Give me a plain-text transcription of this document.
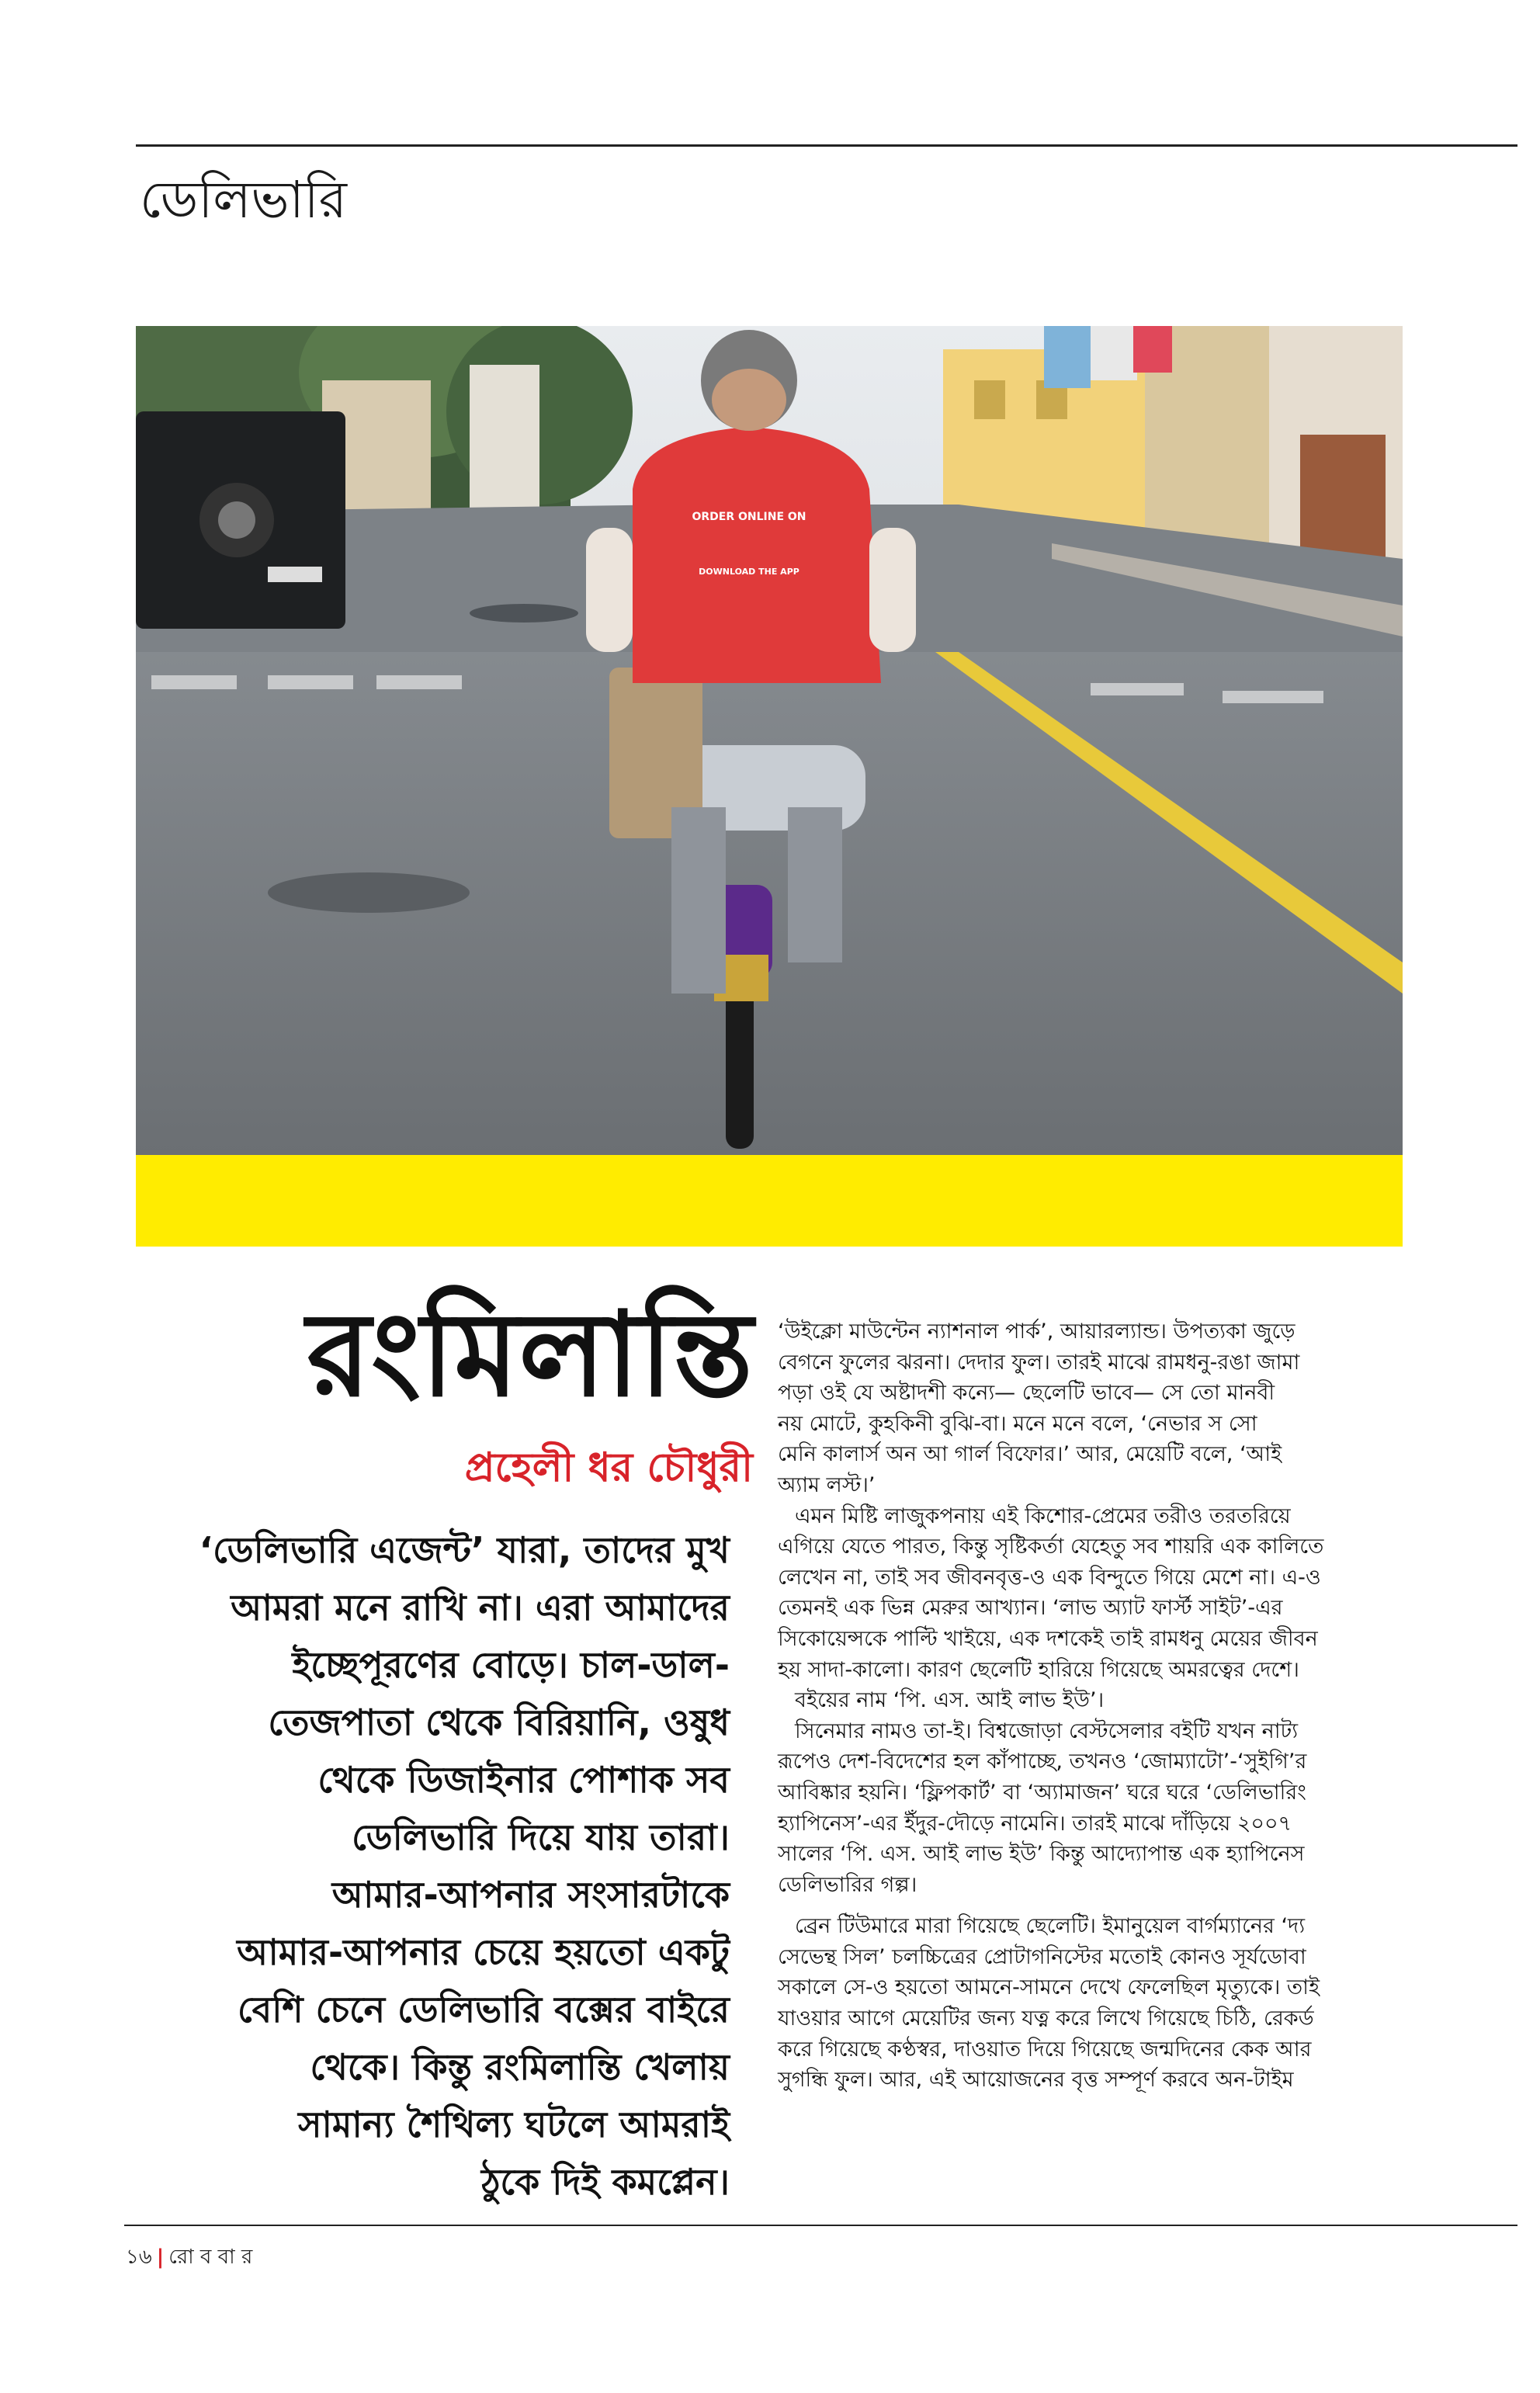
ডেলিভারি
ORDER ONLINE ON
DOWNLOAD THE APP
রংমিলান্তি
প্রহেলী ধর চৌধুরী
‘ডেলিভারি এজেন্ট’ যারা, তাদের মুখ
আমরা মনে রাখি না। এরা আমাদের
ইচ্ছেপূরণের বোড়ে। চাল-ডাল-
তেজপাতা থেকে বিরিয়ানি, ওষুধ
থেকে ডিজাইনার পোশাক সব
ডেলিভারি দিয়ে যায় তারা।
আমার-আপনার সংসারটাকে
আমার-আপনার চেয়ে হয়তো একটু
বেশি চেনে ডেলিভারি বক্সের বাইরে
থেকে। কিন্তু রংমিলান্তি খেলায়
সামান্য শৈথিল্য ঘটলে আমরাই
ঠুকে দিই কমপ্লেন।
‘উইক্লো মাউন্টেন ন্যাশনাল পার্ক’, আয়ারল্যান্ড। উপত্যকা জুড়ে
বেগনে ফুলের ঝরনা। দেদার ফুল। তারই মাঝে রামধনু-রঙা জামা
পড়া ওই যে অষ্টাদশী কন্যে— ছেলেটি ভাবে— সে তো মানবী
নয় মোটে, কুহকিনী বুঝি-বা। মনে মনে বলে, ‘নেভার স সো
মেনি কালার্স অন আ গার্ল বিফোর।’ আর, মেয়েটি বলে, ‘আই
অ্যাম লস্ট।’
এমন মিষ্টি লাজুকপনায় এই কিশোর-প্রেমের তরীও তরতরিয়ে
এগিয়ে যেতে পারত, কিন্তু সৃষ্টিকর্তা যেহেতু সব শায়রি এক কালিতে
লেখেন না, তাই সব জীবনবৃত্ত-ও এক বিন্দুতে গিয়ে মেশে না। এ-ও
তেমনই এক ভিন্ন মেরুর আখ্যান। ‘লাভ অ্যাট ফার্স্ট সাইট’-এর
সিকোয়েন্সকে পাল্টি খাইয়ে, এক দশকেই তাই রামধনু মেয়ের জীবন
হয় সাদা-কালো। কারণ ছেলেটি হারিয়ে গিয়েছে অমরত্বের দেশে।
বইয়ের নাম ‘পি. এস. আই লাভ ইউ’।
সিনেমার নামও তা-ই। বিশ্বজোড়া বেস্টসেলার বইটি যখন নাট্য
রূপেও দেশ-বিদেশের হল কাঁপাচ্ছে, তখনও ‘জোম্যাটো’-‘সুইগি’র
আবিষ্কার হয়নি। ‘ফ্লিপকার্ট’ বা ‘অ্যামাজন’ ঘরে ঘরে ‘ডেলিভারিং
হ্যাপিনেস’-এর ইঁদুর-দৌড়ে নামেনি। তারই মাঝে দাঁড়িয়ে ২০০৭
সালের ‘পি. এস. আই লাভ ইউ’ কিন্তু আদ্যোপান্ত এক হ্যাপিনেস
ডেলিভারির গল্প।
ব্রেন টিউমারে মারা গিয়েছে ছেলেটি। ইমানুয়েল বার্গম্যানের ‘দ্য
সেভেন্থ সিল’ চলচ্চিত্রের প্রোটাগনিস্টের মতোই কোনও সূর্যডোবা
সকালে সে-ও হয়তো আমনে-সামনে দেখে ফেলেছিল মৃত্যুকে। তাই
যাওয়ার আগে মেয়েটির জন্য যত্ন করে লিখে গিয়েছে চিঠি, রেকর্ড
করে গিয়েছে কণ্ঠস্বর, দাওয়াত দিয়ে গিয়েছে জন্মদিনের কেক আর
সুগন্ধি ফুল। আর, এই আয়োজনের বৃত্ত সম্পূর্ণ করবে অন-টাইম
১৬ | রো ব বা র
